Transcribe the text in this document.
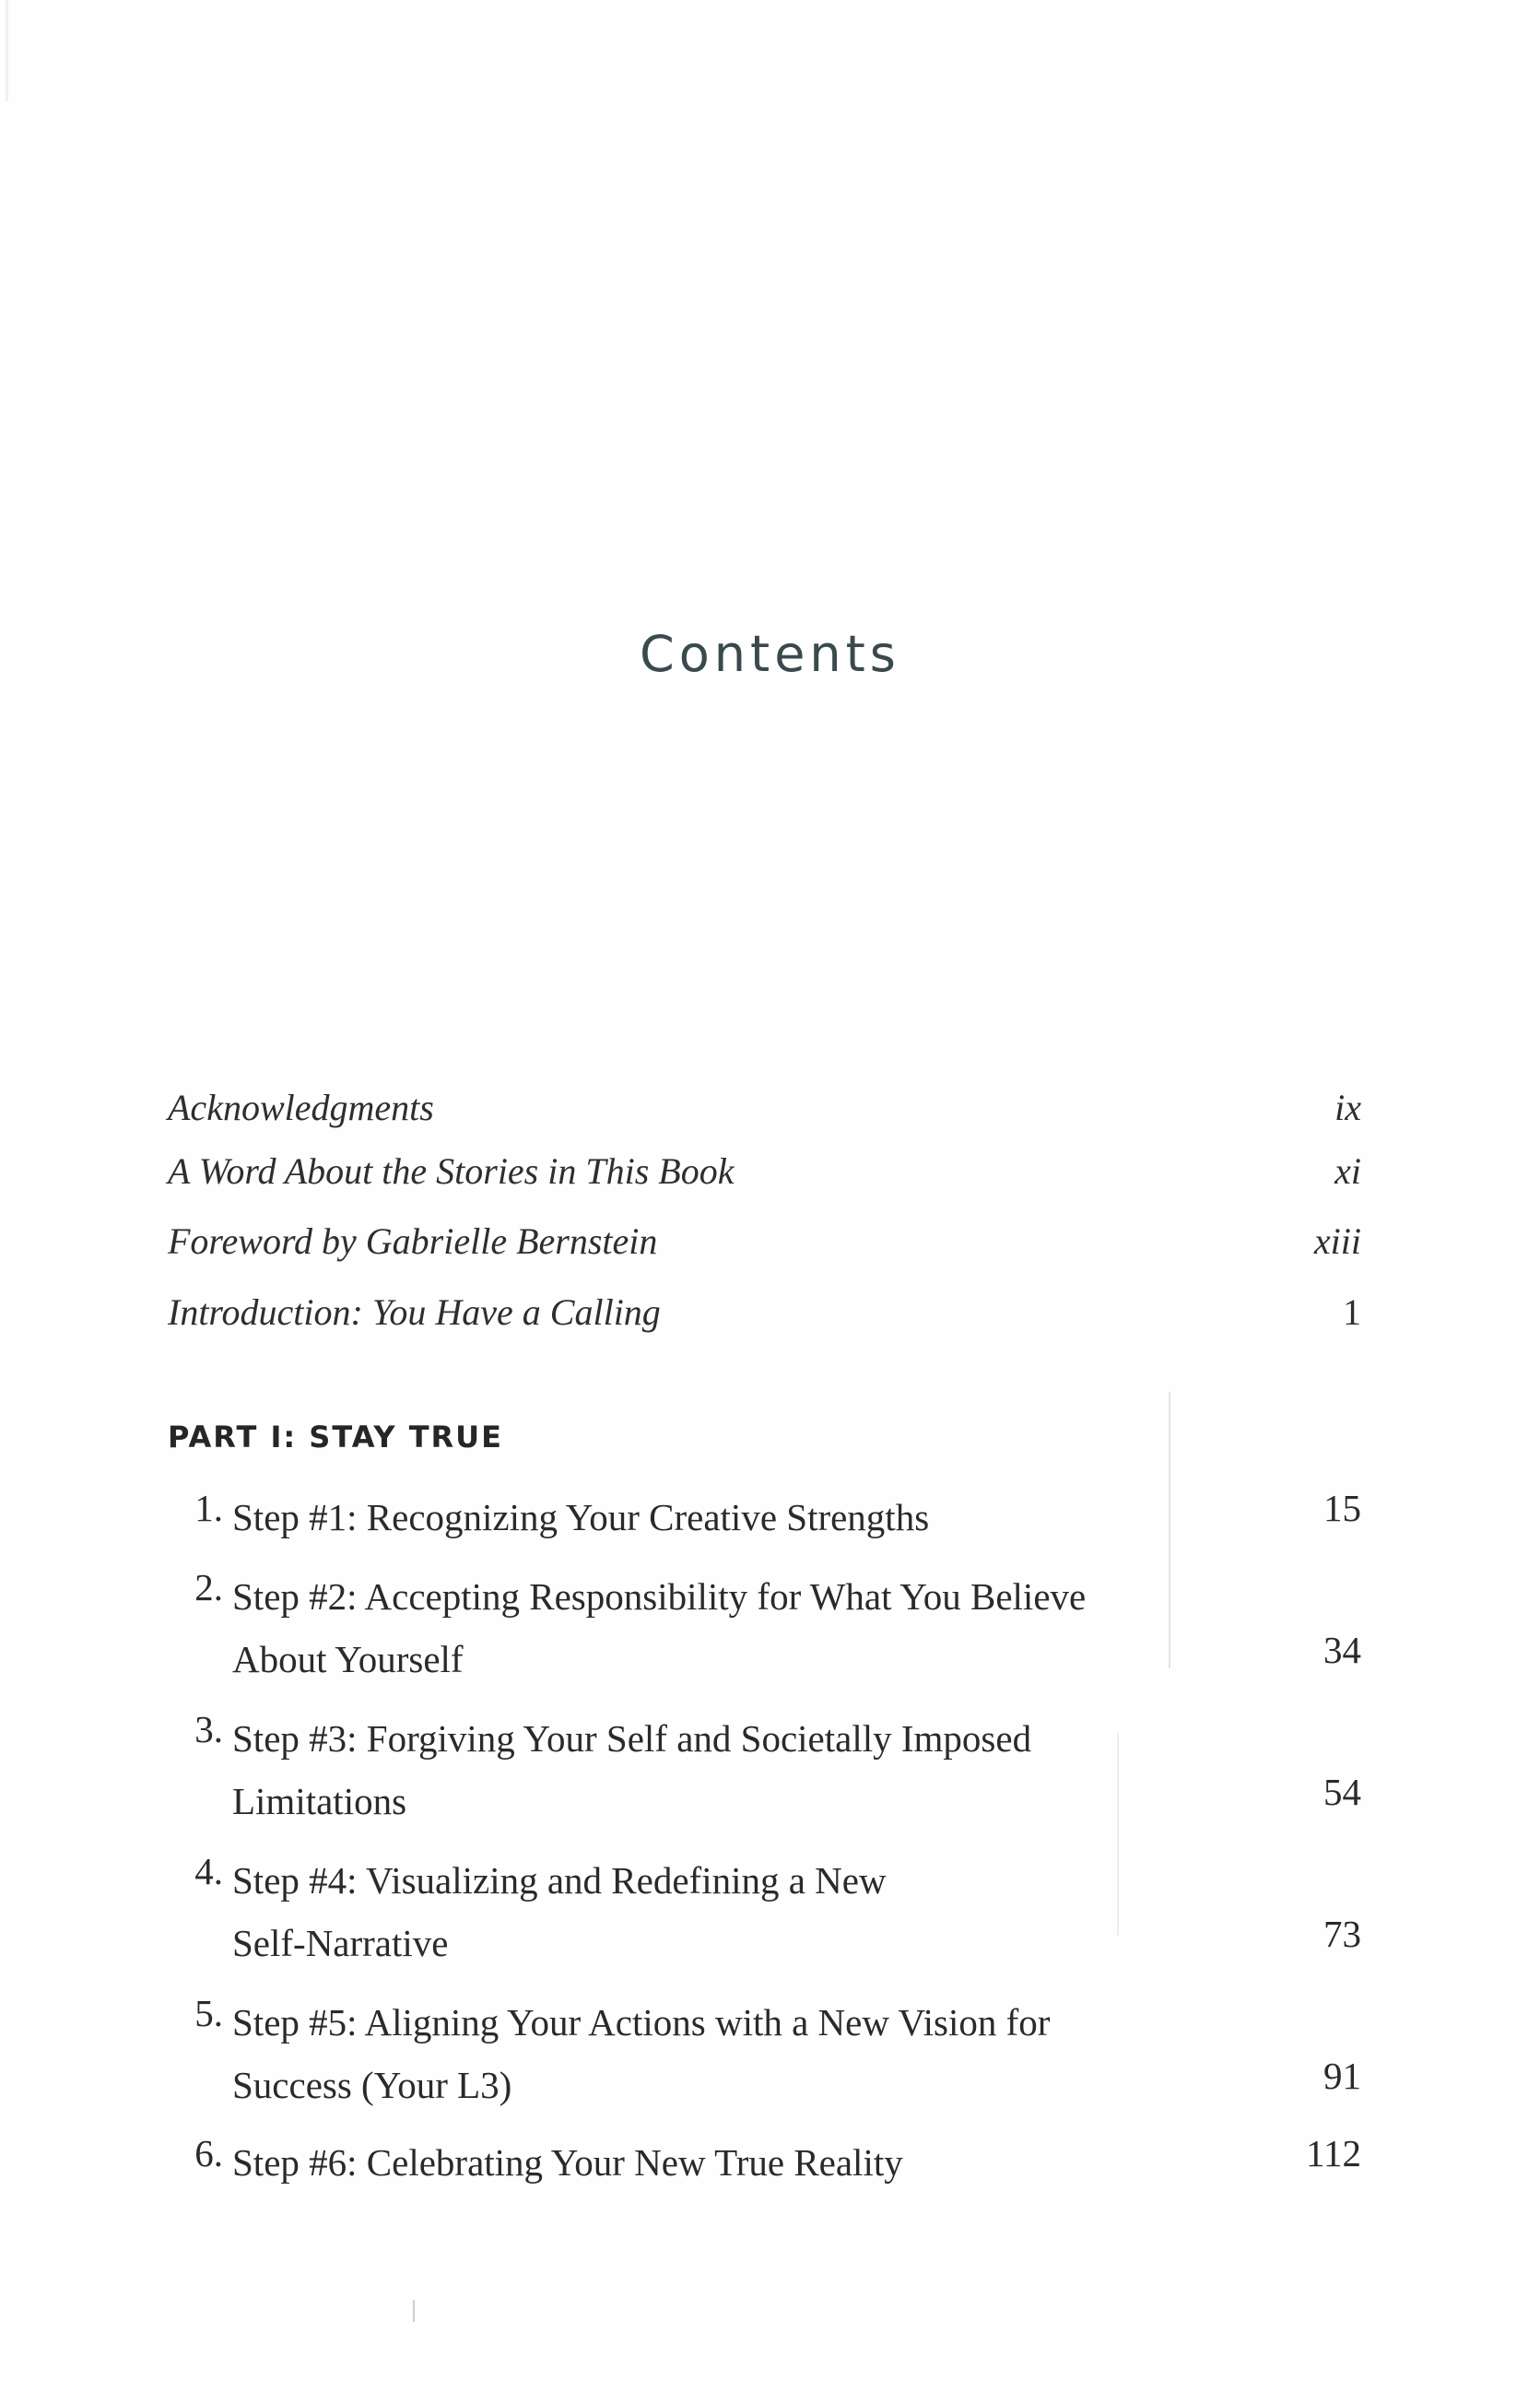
Contents
Acknowledgments	ix
A Word About the Stories in This Book	xi
Foreword by Gabrielle Bernstein	xiii
Introduction: You Have a Calling	1
PART I: STAY TRUE
1. Step #1: Recognizing Your Creative Strengths	15
2. Step #2: Accepting Responsibility for What You Believe
About Yourself	34
3. Step #3: Forgiving Your Self and Societally Imposed
Limitations	54
4. Step #4: Visualizing and Redefining a New
Self-Narrative	73
5. Step #5: Aligning Your Actions with a New Vision for
Success (Your L3)	91
6. Step #6: Celebrating Your New True Reality	112
